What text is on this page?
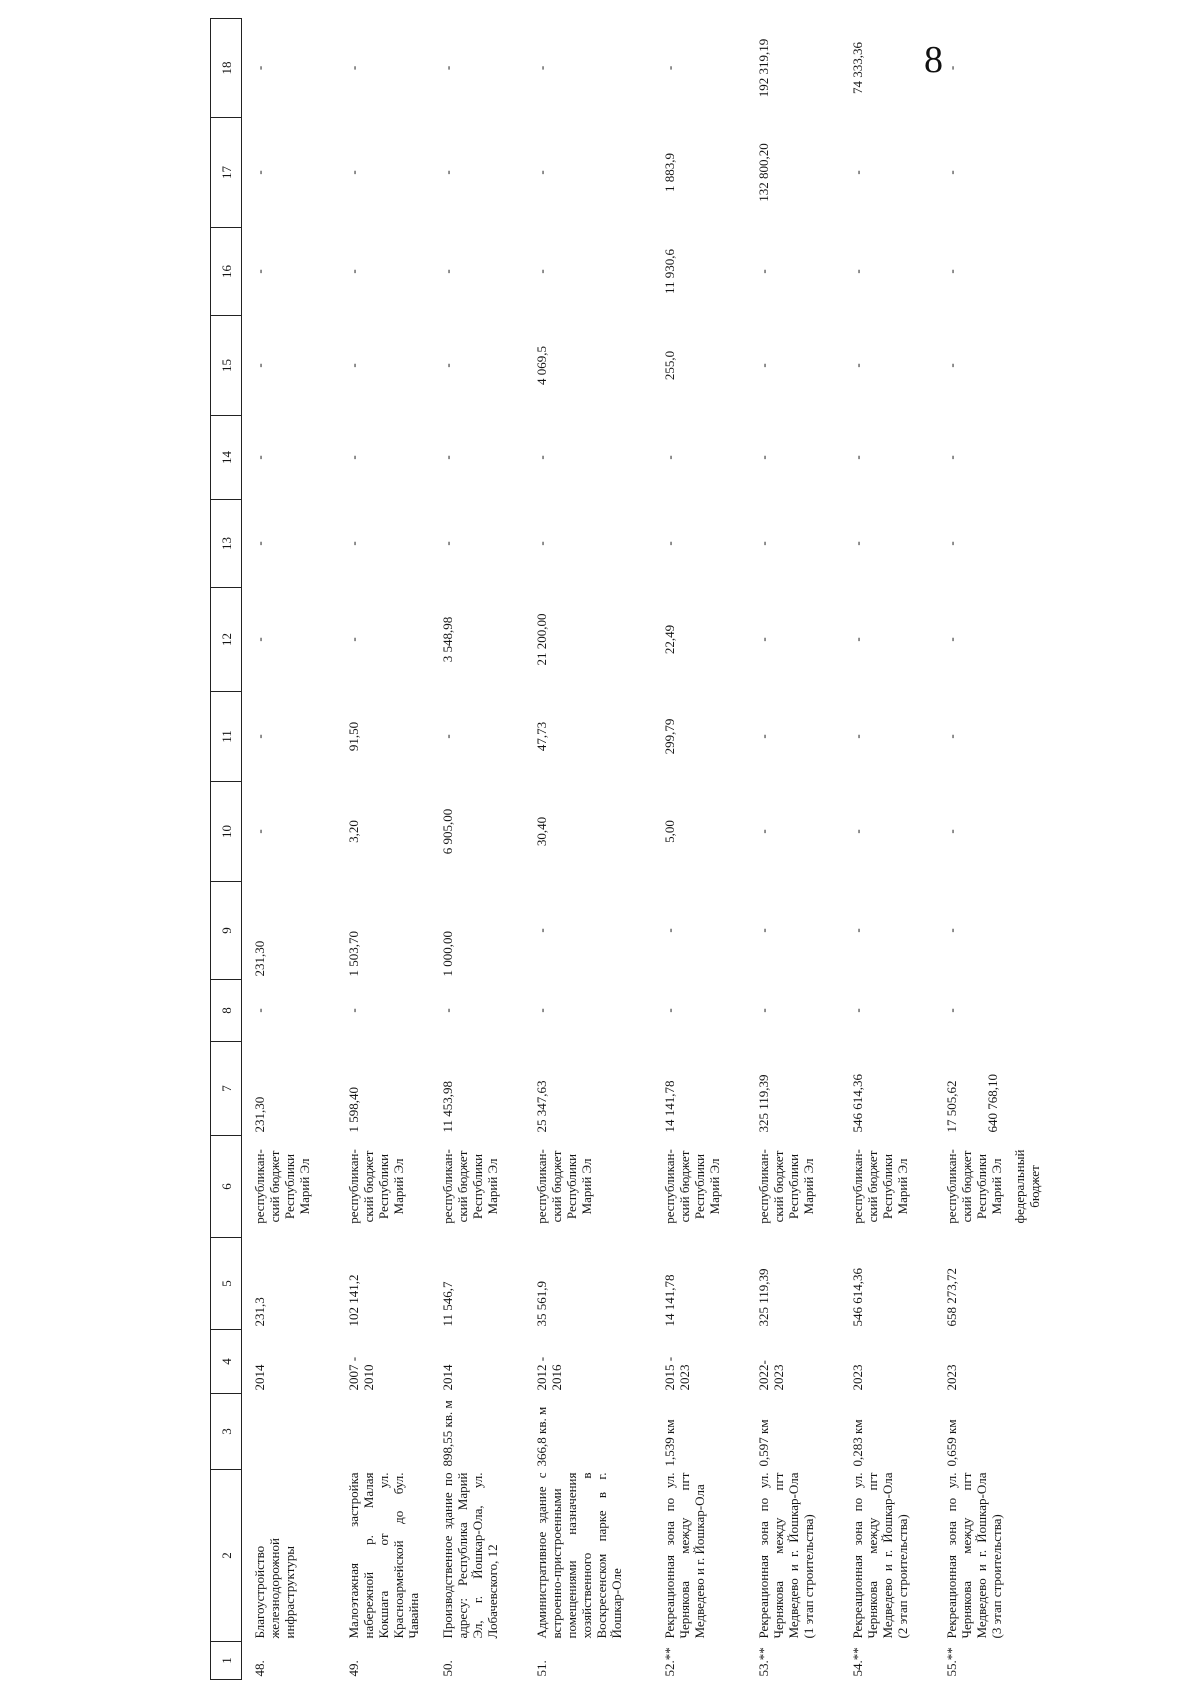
8
1	2	3	4	5	6	7	8	9	10	11	12	13	14	15	16	17	18
48.	Благоустройство железнодорожной инфраструктуры		2014	231,3	республикан-ский бюджет Республики Марий Эл	231,30	-	231,30	-	-	-	-	-	-	-	-	-
49.	Малоэтажная застройка набережной р. Малая Кокшага от ул. Красноармейской до бул. Чавайна		2007 - 2010	102 141,2	республикан-ский бюджет Республики Марий Эл	1 598,40	-	1 503,70	3,20	91,50	-	-	-	-	-	-	-
50.	Производственное здание по адресу: Республика Марий Эл, г. Йошкар-Ола, ул. Лобачевского, 12	898,55 кв. м	2014	11 546,7	республикан-ский бюджет Республики Марий Эл	11 453,98	-	1 000,00	6 905,00	-	3 548,98	-	-	-	-	-	-
51.	Административное здание с встроенно-пристроенными помещениями назначения хозяйственного в Воскресенском парке в г. Йошкар-Оле	366,8 кв. м	2012 - 2016	35 561,9	республикан-ский бюджет Республики Марий Эл	25 347,63	-	-	30,40	47,73	21 200,00	-	-	4 069,5	-	-	-
52.**	Рекреационная зона по ул. Чернякова между пгт Медведево и г. Йошкар-Ола	1,539 км	2015 - 2023	14 141,78	республикан-ский бюджет Республики Марий Эл	14 141,78	-	-	5,00	299,79	22,49	-	-	255,0	11 930,6	1 883,9	-
53.**	Рекреационная зона по ул. Чернякова между пгт Медведево и г. Йошкар-Ола (1 этап строительства)	0,597 км	2022- 2023	325 119,39	республикан-ский бюджет Республики Марий Эл	325 119,39	-	-	-	-	-	-	-	-	-	132 800,20	192 319,19
54.**	Рекреационная зона по ул. Чернякова между пгт Медведево и г. Йошкар-Ола (2 этап строительства)	0,283 км	2023	546 614,36	республикан-ский бюджет Республики Марий Эл	546 614,36	-	-	-	-	-	-	-	-	-	-	74 333,36
55.**	Рекреационная зона по ул. Чернякова между пгт Медведево и г. Йошкар-Ола (3 этап строительства)	0,659 км	2023	658 273,72	республикан-ский бюджет Республики Марий Эл федеральный бюджет	17 505,62 640 768,10	-	-	-	-	-	-	-	-	-	-	-
